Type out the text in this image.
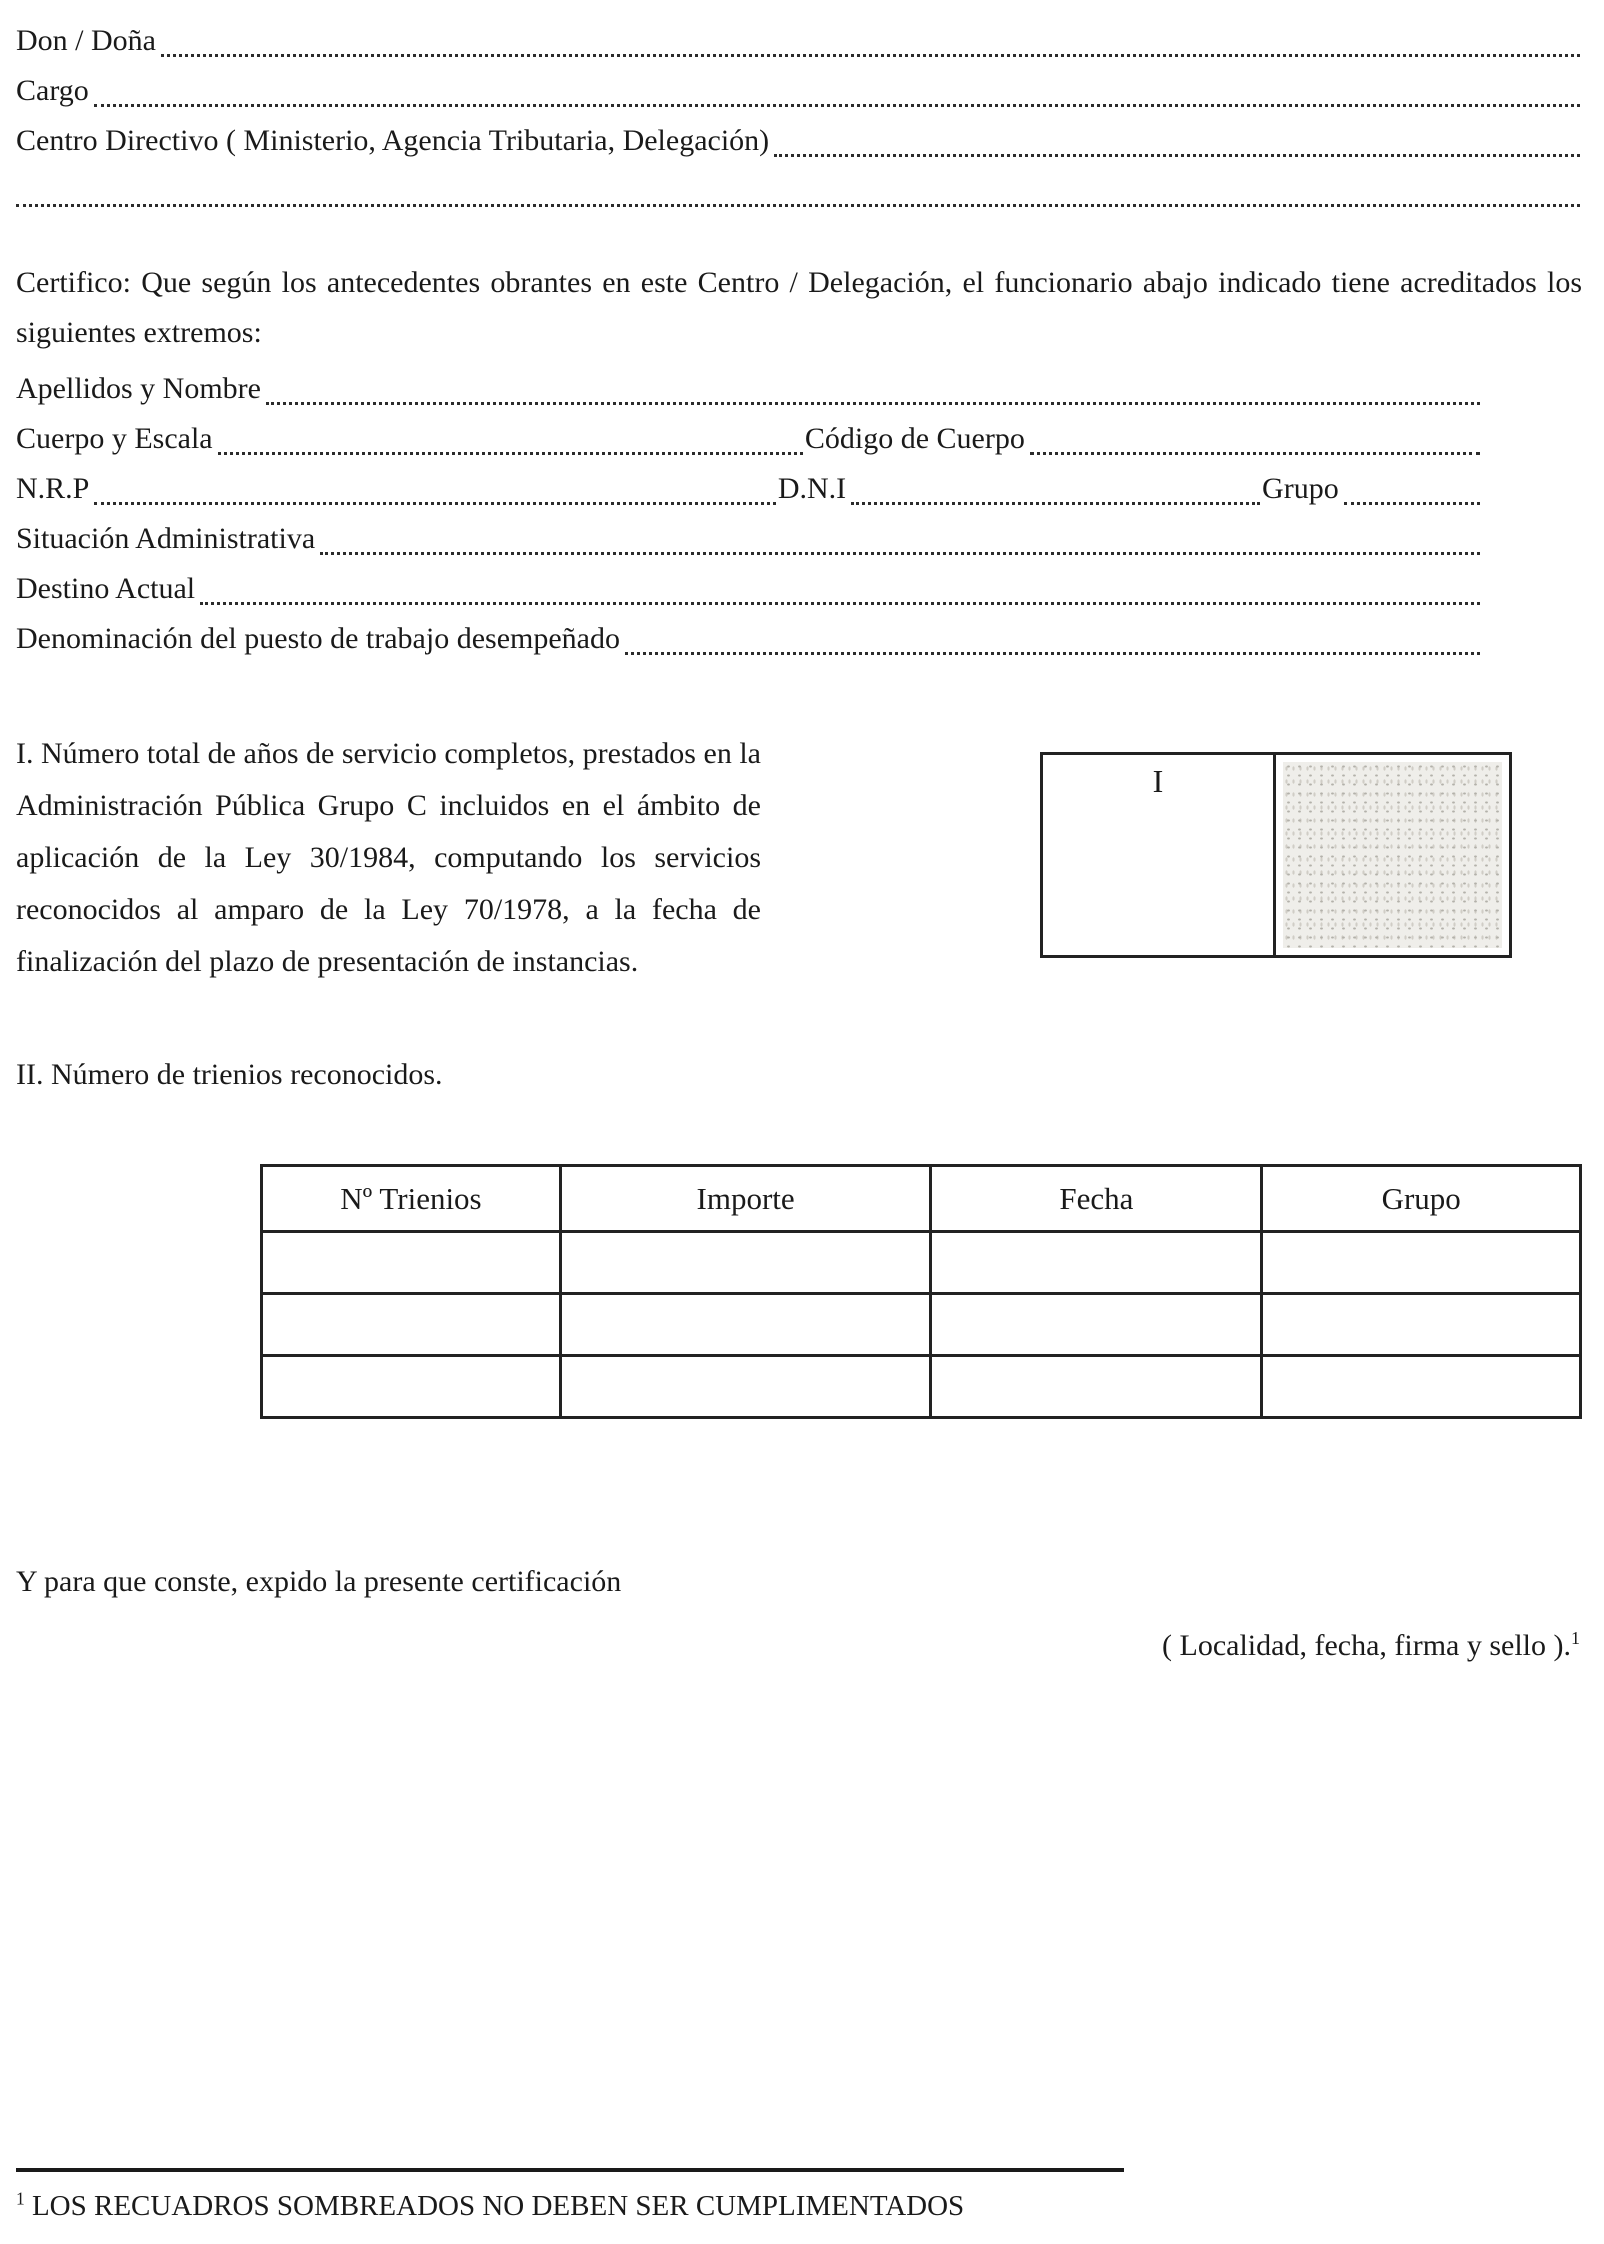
Don / Doña
Cargo
Centro Directivo ( Ministerio, Agencia Tributaria, Delegación)

Certifico: Que según los antecedentes obrantes en este Centro / Delegación, el funcionario abajo indicado tiene acreditados los siguientes extremos:

Apellidos y Nombre
Cuerpo y Escala	Código de Cuerpo
N.R.P	D.N.I	Grupo
Situación Administrativa
Destino Actual
Denominación del puesto de trabajo desempeñado

I. Número total de años de servicio completos, prestados en la Administración Pública Grupo C incluidos en el ámbito de aplicación de la Ley 30/1984, computando los servicios reconocidos al amparo de la Ley 70/1978, a la fecha de finalización del plazo de presentación de instancias.

I

II. Número de trienios reconocidos.

Nº Trienios	Importe	Fecha	Grupo

Y para que conste, expido la presente certificación

( Localidad, fecha, firma y sello ).$^1$

$^1$ LOS RECUADROS SOMBREADOS NO DEBEN SER CUMPLIMENTADOS
